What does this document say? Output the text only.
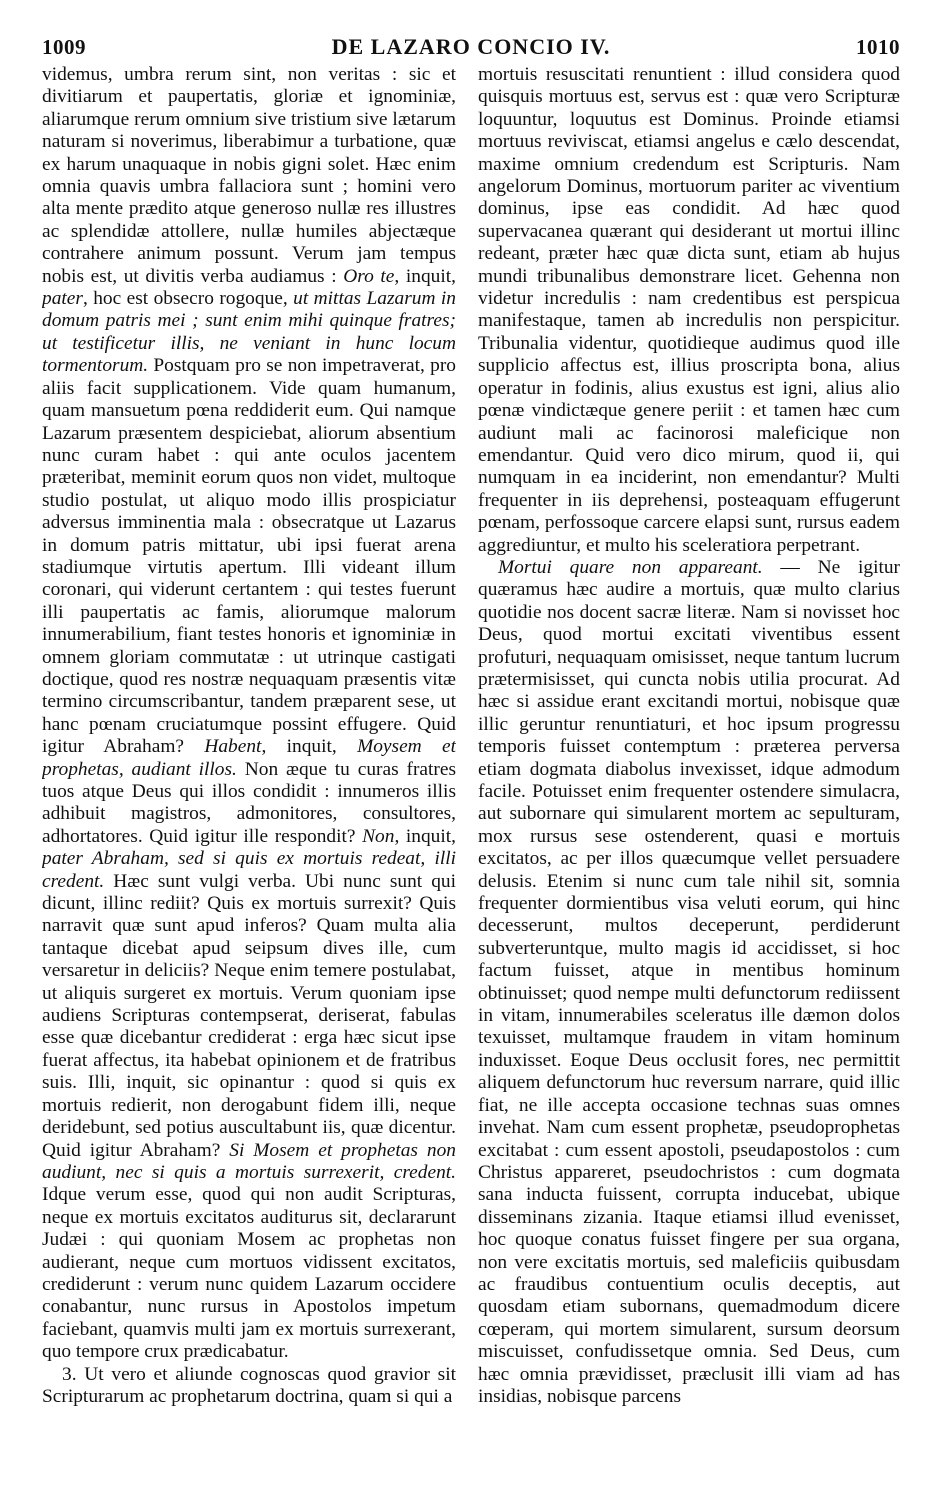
1009	DE LAZARO CONCIO IV.	1010

videmus, umbra rerum sint, non veritas : sic et divitiarum et paupertatis, gloriæ et ignominiæ, aliarumque rerum omnium sive tristium sive lætarum naturam si noverimus, liberabimur a turbatione, quæ ex harum unaquaque in nobis gigni solet. Hæc enim omnia quavis umbra fallaciora sunt ; homini vero alta mente prædito atque generoso nullæ res illustres ac splendidæ attollere, nullæ humiles abjectæque contrahere animum possunt. Verum jam tempus nobis est, ut divitis verba audiamus : Oro te, inquit, pater, hoc est obsecro rogoque, ut mittas Lazarum in domum patris mei ; sunt enim mihi quinque fratres; ut testificetur illis, ne veniant in hunc locum tormentorum. Postquam pro se non impetraverat, pro aliis facit supplicationem. Vide quam humanum, quam mansuetum pœna reddiderit eum. Qui namque Lazarum præsentem despiciebat, aliorum absentium nunc curam habet : qui ante oculos jacentem præteribat, meminit eorum quos non videt, multoque studio postulat, ut aliquo modo illis prospiciatur adversus imminentia mala : obsecratque ut Lazarus in domum patris mittatur, ubi ipsi fuerat arena stadiumque virtutis apertum. Illi videant illum coronari, qui viderunt certantem : qui testes fuerunt illi paupertatis ac famis, aliorumque malorum innumerabilium, fiant testes honoris et ignominiæ in omnem gloriam commutatæ : ut utrinque castigati doctique, quod res nostræ nequaquam præsentis vitæ termino circumscribantur, tandem præparent sese, ut hanc pœnam cruciatumque possint effugere. Quid igitur Abraham? Habent, inquit, Moysem et prophetas, audiant illos. Non æque tu curas fratres tuos atque Deus qui illos condidit : innumeros illis adhibuit magistros, admonitores, consultores, adhortatores. Quid igitur ille respondit? Non, inquit, pater Abraham, sed si quis ex mortuis redeat, illi credent. Hæc sunt vulgi verba. Ubi nunc sunt qui dicunt, illinc rediit? Quis ex mortuis surrexit? Quis narravit quæ sunt apud inferos? Quam multa alia tantaque dicebat apud seipsum dives ille, cum versaretur in deliciis? Neque enim temere postulabat, ut aliquis surgeret ex mortuis. Verum quoniam ipse audiens Scripturas contempserat, deriserat, fabulas esse quæ dicebantur crediderat : erga hæc sicut ipse fuerat affectus, ita habebat opinionem et de fratribus suis. Illi, inquit, sic opinantur : quod si quis ex mortuis redierit, non derogabunt fidem illi, neque deridebunt, sed potius auscultabunt iis, quæ dicentur. Quid igitur Abraham? Si Mosem et prophetas non audiunt, nec si quis a mortuis surrexerit, credent. Idque verum esse, quod qui non audit Scripturas, neque ex mortuis excitatos auditurus sit, declararunt Judæi : qui quoniam Mosem ac prophetas non audierant, neque cum mortuos vidissent excitatos, crediderunt : verum nunc quidem Lazarum occidere conabantur, nunc rursus in Apostolos impetum faciebant, quamvis multi jam ex mortuis surrexerant, quo tempore crux prædicabatur.

3. Ut vero et aliunde cognoscas quod gravior sit Scripturarum ac prophetarum doctrina, quam si qui a

mortuis resuscitati renuntient : illud considera quod quisquis mortuus est, servus est : quæ vero Scripturæ loquuntur, loquutus est Dominus. Proinde etiamsi mortuus reviviscat, etiamsi angelus e cælo descendat, maxime omnium credendum est Scripturis. Nam angelorum Dominus, mortuorum pariter ac viventium dominus, ipse eas condidit. Ad hæc quod supervacanea quærant qui desiderant ut mortui illinc redeant, præter hæc quæ dicta sunt, etiam ab hujus mundi tribunalibus demonstrare licet. Gehenna non videtur incredulis : nam credentibus est perspicua manifestaque, tamen ab incredulis non perspicitur. Tribunalia videntur, quotidieque audimus quod ille supplicio affectus est, illius proscripta bona, alius operatur in fodinis, alius exustus est igni, alius alio pœnæ vindictæque genere periit : et tamen hæc cum audiunt mali ac facinorosi maleficique non emendantur. Quid vero dico mirum, quod ii, qui numquam in ea inciderint, non emendantur? Multi frequenter in iis deprehensi, posteaquam effugerunt pœnam, perfossoque carcere elapsi sunt, rursus eadem aggrediuntur, et multo his sceleratiora perpetrant.

Mortui quare non appareant. — Ne igitur quæramus hæc audire a mortuis, quæ multo clarius quotidie nos docent sacræ literæ. Nam si novisset hoc Deus, quod mortui excitati viventibus essent profuturi, nequaquam omisisset, neque tantum lucrum prætermisisset, qui cuncta nobis utilia procurat. Ad hæc si assidue erant excitandi mortui, nobisque quæ illic geruntur renuntiaturi, et hoc ipsum progressu temporis fuisset contemptum : præterea perversa etiam dogmata diabolus invexisset, idque admodum facile. Potuisset enim frequenter ostendere simulacra, aut subornare qui simularent mortem ac sepulturam, mox rursus sese ostenderent, quasi e mortuis excitatos, ac per illos quæcumque vellet persuadere delusis. Etenim si nunc cum tale nihil sit, somnia frequenter dormientibus visa veluti eorum, qui hinc decesserunt, multos deceperunt, perdiderunt subverteruntque, multo magis id accidisset, si hoc factum fuisset, atque in mentibus hominum obtinuisset; quod nempe multi defunctorum rediissent in vitam, innumerabiles sceleratus ille dæmon dolos texuisset, multamque fraudem in vitam hominum induxisset. Eoque Deus occlusit fores, nec permittit aliquem defunctorum huc reversum narrare, quid illic fiat, ne ille accepta occasione technas suas omnes invehat. Nam cum essent prophetæ, pseudoprophetas excitabat : cum essent apostoli, pseudapostolos : cum Christus appareret, pseudochristos : cum dogmata sana inducta fuissent, corrupta inducebat, ubique disseminans zizania. Itaque etiamsi illud evenisset, hoc quoque conatus fuisset fingere per sua organa, non vere excitatis mortuis, sed maleficiis quibusdam ac fraudibus contuentium oculis deceptis, aut quosdam etiam subornans, quemadmodum dicere cœperam, qui mortem simularent, sursum deorsum miscuisset, confudissetque omnia. Sed Deus, cum hæc omnia prævidisset, præclusit illi viam ad has insidias, nobisque parcens
